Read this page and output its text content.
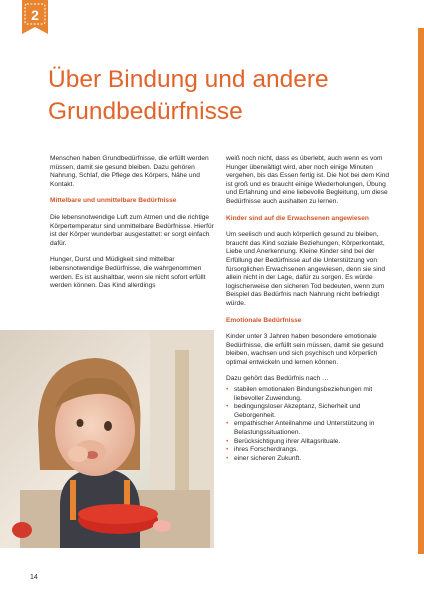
2
Über Bindung und andere
Grundbedürfnisse

Menschen haben Grundbedürfnisse, die erfüllt werden müssen, damit sie gesund bleiben. Dazu gehören Nahrung, Schlaf, die Pflege des Körpers, Nähe und Kontakt.

Mittelbare und unmittelbare Bedürfnisse

Die lebensnotwendige Luft zum Atmen und die richtige Körpertemperatur sind unmittelbare Bedürfnisse. Hierfür ist der Körper wunderbar ausgestattet: er sorgt einfach dafür.

Hunger, Durst und Müdigkeit sind mittelbar lebensnotwendige Bedürfnisse, die wahrgenommen werden. Es ist aushaltbar, wenn sie nicht sofort erfüllt werden können. Das Kind allerdings

weiß noch nicht, dass es überlebt, auch wenn es vom Hunger überwältigt wird, aber noch einige Minuten vergehen, bis das Essen fertig ist. Die Not bei dem Kind ist groß und es braucht einige Wiederholungen, Übung und Erfahrung und eine liebevolle Begleitung, um diese Bedürfnisse auch aushalten zu lernen.

Kinder sind auf die Erwachsenen angewiesen

Um seelisch und auch körperlich gesund zu bleiben, braucht das Kind soziale Beziehungen, Körperkontakt, Liebe und Anerkennung. Kleine Kinder sind bei der Erfüllung der Bedürfnisse auf die Unterstützung von fürsorglichen Erwachsenen angewiesen, denn sie sind allein nicht in der Lage, dafür zu sorgen. Es würde logischerweise den sicheren Tod bedeuten, wenn zum Beispiel das Bedürfnis nach Nahrung nicht befriedigt würde.

Emotionale Bedürfnisse

Kinder unter 3 Jahren haben besondere emotionale Bedürfnisse, die erfüllt sein müssen, damit sie gesund bleiben, wachsen und sich psychisch und körperlich optimal entwickeln und lernen können.

Dazu gehört das Bedürfnis nach …

• stabilen emotionalen Bindungsbeziehungen mit liebevoller Zuwendung.
• bedingungsloser Akzeptanz, Sicherheit und Geborgenheit.
• empathischer Anteilnahme und Unterstützung in Belastungssituationen.
• Berücksichtigung ihrer Alltagsrituale.
• ihres Forscherdrangs.
• einer sicheren Zukunft.
14
